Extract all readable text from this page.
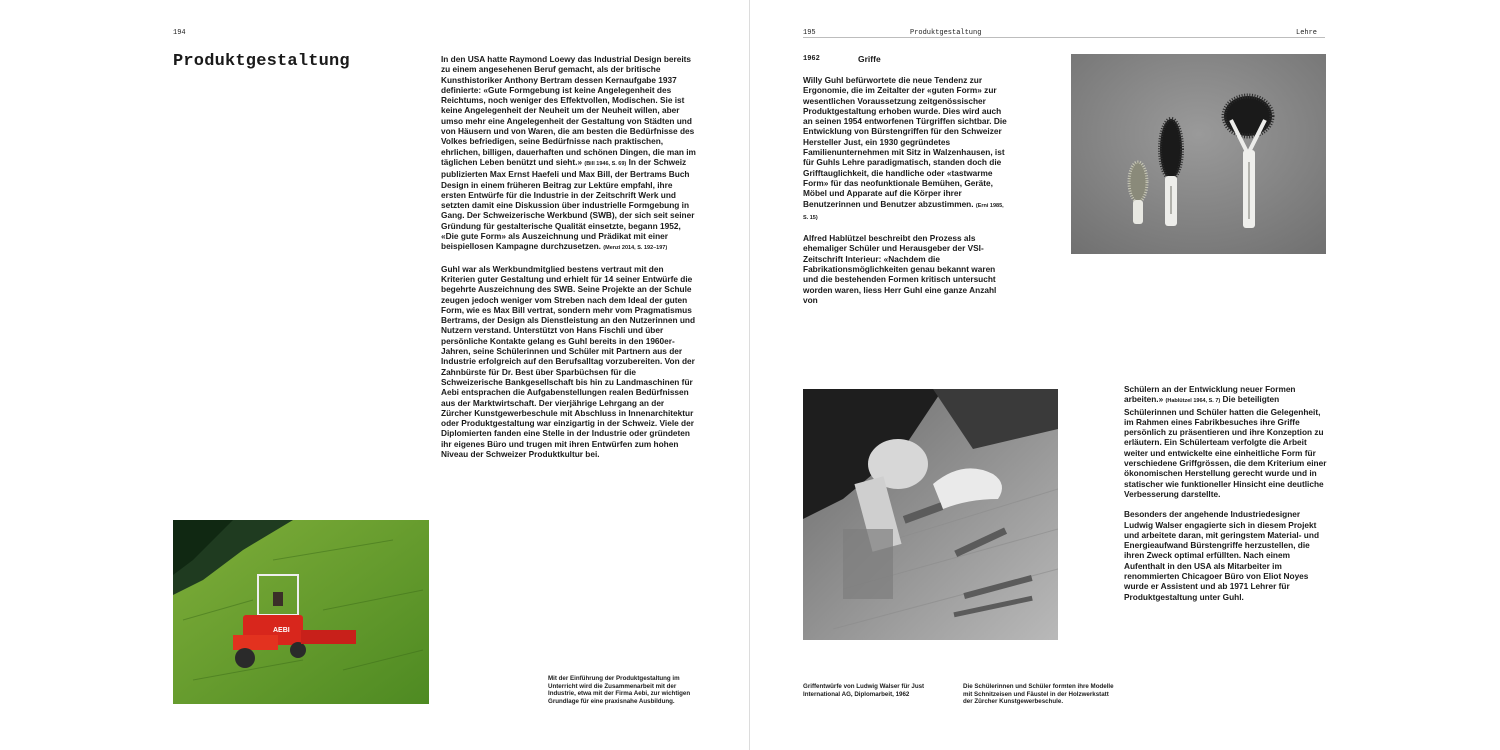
194
Produktgestaltung	In den USA hatte Raymond Loewy das Industrial Design bereits zu einem angesehenen Beruf gemacht, als der britische Kunsthistoriker Anthony Bertram dessen Kernaufgabe 1937 definierte: «Gute Formgebung ist keine Angelegenheit des Reichtums, noch weniger des Effektvollen, Modischen. Sie ist keine Angelegenheit der Neuheit um der Neuheit willen, aber umso mehr eine Angelegenheit der Gestaltung von Städten und von Häusern und von Waren, die am besten die Bedürfnisse des Volkes befriedigen, seine Bedürfnisse nach praktischen, ehrlichen, billigen, dauerhaften und schönen Dingen, die man im täglichen Leben benützt und sieht.» (Bill 1946, S. 69) In der Schweiz publizierten Max Ernst Haefeli und Max Bill, der Bertrams Buch Design in einem früheren Beitrag zur Lektüre empfahl, ihre ersten Entwürfe für die Industrie in der Zeitschrift Werk und setzten damit eine Diskussion über industrielle Formgebung in Gang. Der Schweizerische Werkbund (SWB), der sich seit seiner Gründung für gestalterische Qualität einsetzte, begann 1952, «Die gute Form» als Auszeichnung und Prädikat mit einer beispiellosen Kampagne durchzusetzen. (Menzi 2014, S. 192–197)

Guhl war als Werkbundmitglied bestens vertraut mit den Kriterien guter Gestaltung und erhielt für 14 seiner Entwürfe die begehrte Auszeichnung des SWB. Seine Projekte an der Schule zeugen jedoch weniger vom Streben nach dem Ideal der guten Form, wie es Max Bill vertrat, sondern mehr vom Pragmatismus Bertrams, der Design als Dienstleistung an den Nutzerinnen und Nutzern verstand. Unterstützt von Hans Fischli und über persönliche Kontakte gelang es Guhl bereits in den 1960er-Jahren, seine Schülerinnen und Schüler mit Partnern aus der Industrie erfolgreich auf den Berufsalltag vorzubereiten. Von der Zahnbürste für Dr. Best über Sparbüchsen für die Schweizerische Bankgesellschaft bis hin zu Landmaschinen für Aebi entsprachen die Aufgabenstellungen realen Bedürfnissen aus der Marktwirtschaft. Der vierjährige Lehrgang an der Zürcher Kunstgewerbeschule mit Abschluss in Innenarchitektur oder Produktgestaltung war einzigartig in der Schweiz. Viele der Diplomierten fanden eine Stelle in der Industrie oder gründeten ihr eigenes Büro und trugen mit ihren Entwürfen zum hohen Niveau der Schweizer Produktkultur bei.

AEBI
Mit der Einführung der Produktgestaltung im Unterricht wird die Zusammenarbeit mit der Industrie, etwa mit der Firma Aebi, zur wichtigen Grundlage für eine praxisnahe Ausbildung.
195	Produktgestaltung	Lehre
1962	Griffe

Willy Guhl befürwortete die neue Tendenz zur Ergonomie, die im Zeitalter der «guten Form» zur wesentlichen Voraussetzung zeitgenössischer Produktgestaltung erhoben wurde. Dies wird auch an seinen 1954 entworfenen Türgriffen sichtbar. Die Entwicklung von Bürstengriffen für den Schweizer Hersteller Just, ein 1930 gegründetes Familienunternehmen mit Sitz in Walzenhausen, ist für Guhls Lehre paradigmatisch, standen doch die Grifftauglichkeit, die handliche oder «tastwarme Form» für das neofunktionale Bemühen, Geräte, Möbel und Apparate auf die Körper ihrer Benutzerinnen und Benutzer abzustimmen. (Erni 1985, S. 15)

Alfred Hablützel beschreibt den Prozess als ehemaliger Schüler und Herausgeber der VSI-Zeitschrift Interieur: «Nachdem die Fabrikationsmöglichkeiten genau bekannt waren und die bestehenden Formen kritisch untersucht worden waren, liess Herr Guhl eine ganze Anzahl von

Schülern an der Entwicklung neuer Formen arbeiten.» (Hablützel 1964, S. 7) Die beteiligten Schülerinnen und Schüler hatten die Gelegenheit, im Rahmen eines Fabrikbesuches ihre Griffe persönlich zu präsentieren und ihre Konzeption zu erläutern. Ein Schülerteam verfolgte die Arbeit weiter und entwickelte eine einheitliche Form für verschiedene Griffgrössen, die dem Kriterium einer ökonomischen Herstellung gerecht wurde und in statischer wie funktioneller Hinsicht eine deutliche Verbesserung darstellte.

Besonders der angehende Industriedesigner Ludwig Walser engagierte sich in diesem Projekt und arbeitete daran, mit geringstem Material- und Energieaufwand Bürstengriffe herzustellen, die ihren Zweck optimal erfüllten. Nach einem Aufenthalt in den USA als Mitarbeiter im renommierten Chicagoer Büro von Eliot Noyes wurde er Assistent und ab 1971 Lehrer für Produktgestaltung unter Guhl.

Griffentwürfe von Ludwig Walser für Just International AG, Diplomarbeit, 1962
Die Schülerinnen und Schüler formten ihre Modelle mit Schnitzeisen und Fäustel in der Holzwerkstatt der Zürcher Kunstgewerbeschule.
